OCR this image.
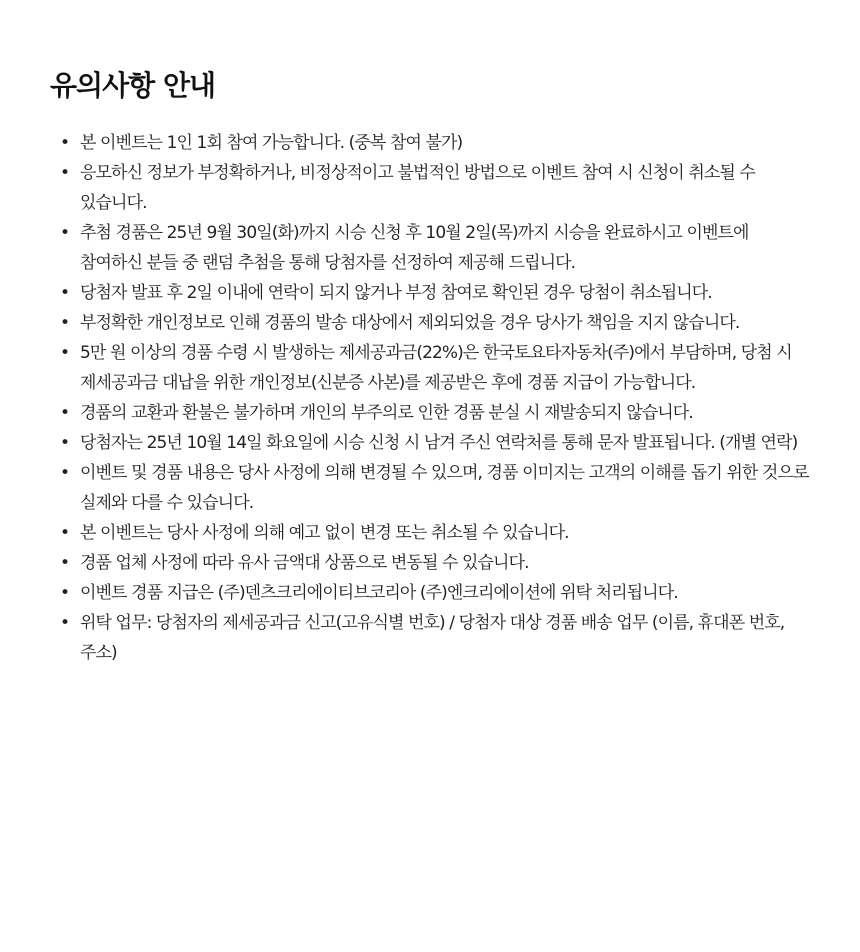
유의사항 안내
• 본 이벤트는 1인 1회 참여 가능합니다. (중복 참여 불가)
• 응모하신 정보가 부정확하거나, 비정상적이고 불법적인 방법으로 이벤트 참여 시 신청이 취소될 수 있습니다.
• 추첨 경품은 25년 9월 30일(화)까지 시승 신청 후 10월 2일(목)까지 시승을 완료하시고 이벤트에 참여하신 분들 중 랜덤 추첨을 통해 당첨자를 선정하여 제공해 드립니다.
• 당첨자 발표 후 2일 이내에 연락이 되지 않거나 부정 참여로 확인된 경우 당첨이 취소됩니다.
• 부정확한 개인정보로 인해 경품의 발송 대상에서 제외되었을 경우 당사가 책임을 지지 않습니다.
• 5만 원 이상의 경품 수령 시 발생하는 제세공과금(22%)은 한국토요타자동차(주)에서 부담하며, 당첨 시 제세공과금 대납을 위한 개인정보(신분증 사본)를 제공받은 후에 경품 지급이 가능합니다.
• 경품의 교환과 환불은 불가하며 개인의 부주의로 인한 경품 분실 시 재발송되지 않습니다.
• 당첨자는 25년 10월 14일 화요일에 시승 신청 시 남겨 주신 연락처를 통해 문자 발표됩니다. (개별 연락)
• 이벤트 및 경품 내용은 당사 사정에 의해 변경될 수 있으며, 경품 이미지는 고객의 이해를 돕기 위한 것으로 실제와 다를 수 있습니다.
• 본 이벤트는 당사 사정에 의해 예고 없이 변경 또는 취소될 수 있습니다.
• 경품 업체 사정에 따라 유사 금액대 상품으로 변동될 수 있습니다.
• 이벤트 경품 지급은 (주)덴츠크리에이티브코리아 (주)엔크리에이션에 위탁 처리됩니다.
• 위탁 업무: 당첨자의 제세공과금 신고(고유식별 번호) / 당첨자 대상 경품 배송 업무 (이름, 휴대폰 번호, 주소)
